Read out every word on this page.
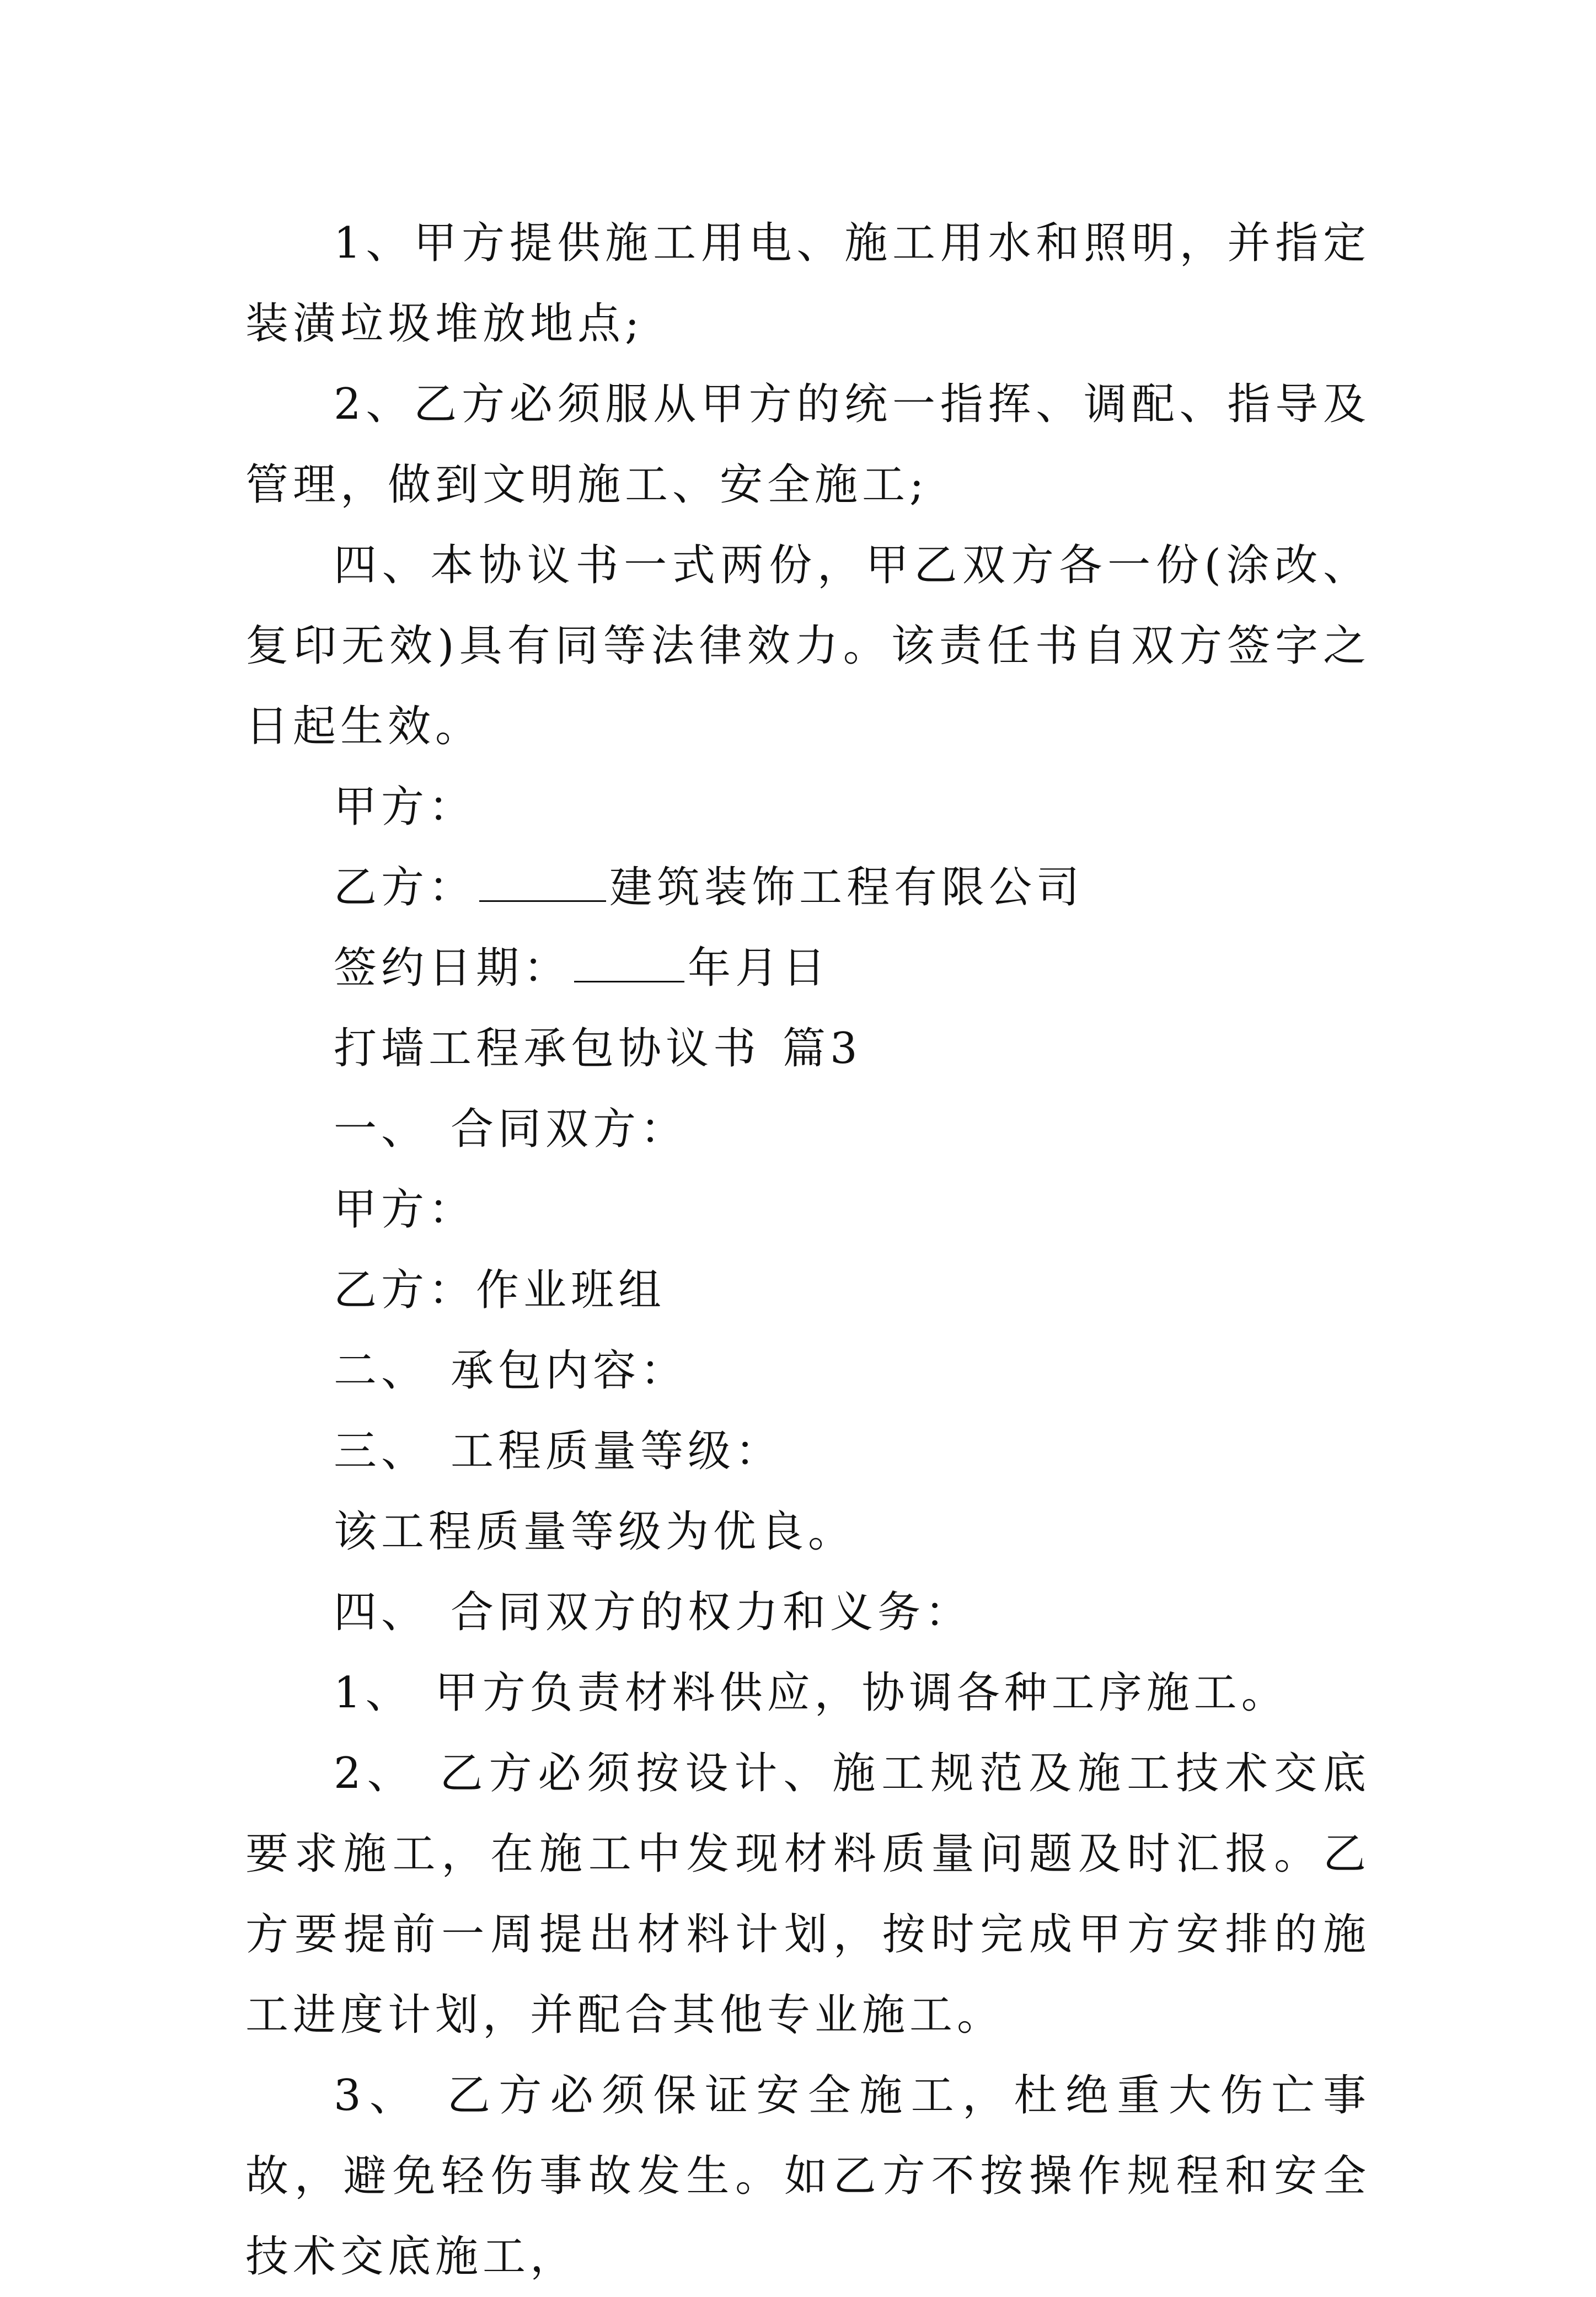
1、甲方提供施工用电、施工用水和照明，并指定装潢垃圾堆放地点;

2、乙方必须服从甲方的统一指挥、调配、指导及管理，做到文明施工、安全施工;

四、本协议书一式两份，甲乙双方各一份(涂改、复印无效)具有同等法律效力。该责任书自双方签字之日起生效。

甲方：

乙方：	建筑装饰工程有限公司

签约日期：	年月日

打墙工程承包协议书 篇3

一、 合同双方：

甲方：

乙方：作业班组

二、 承包内容：

三、 工程质量等级：

该工程质量等级为优良。

四、 合同双方的权力和义务：

1、 甲方负责材料供应，协调各种工序施工。

2、 乙方必须按设计、施工规范及施工技术交底要求施工，在施工中发现材料质量问题及时汇报。乙方要提前一周提出材料计划，按时完成甲方安排的施工进度计划，并配合其他专业施工。

3、 乙方必须保证安全施工，杜绝重大伤亡事故，避免轻伤事故发生。如乙方不按操作规程和安全技术交底施工，
